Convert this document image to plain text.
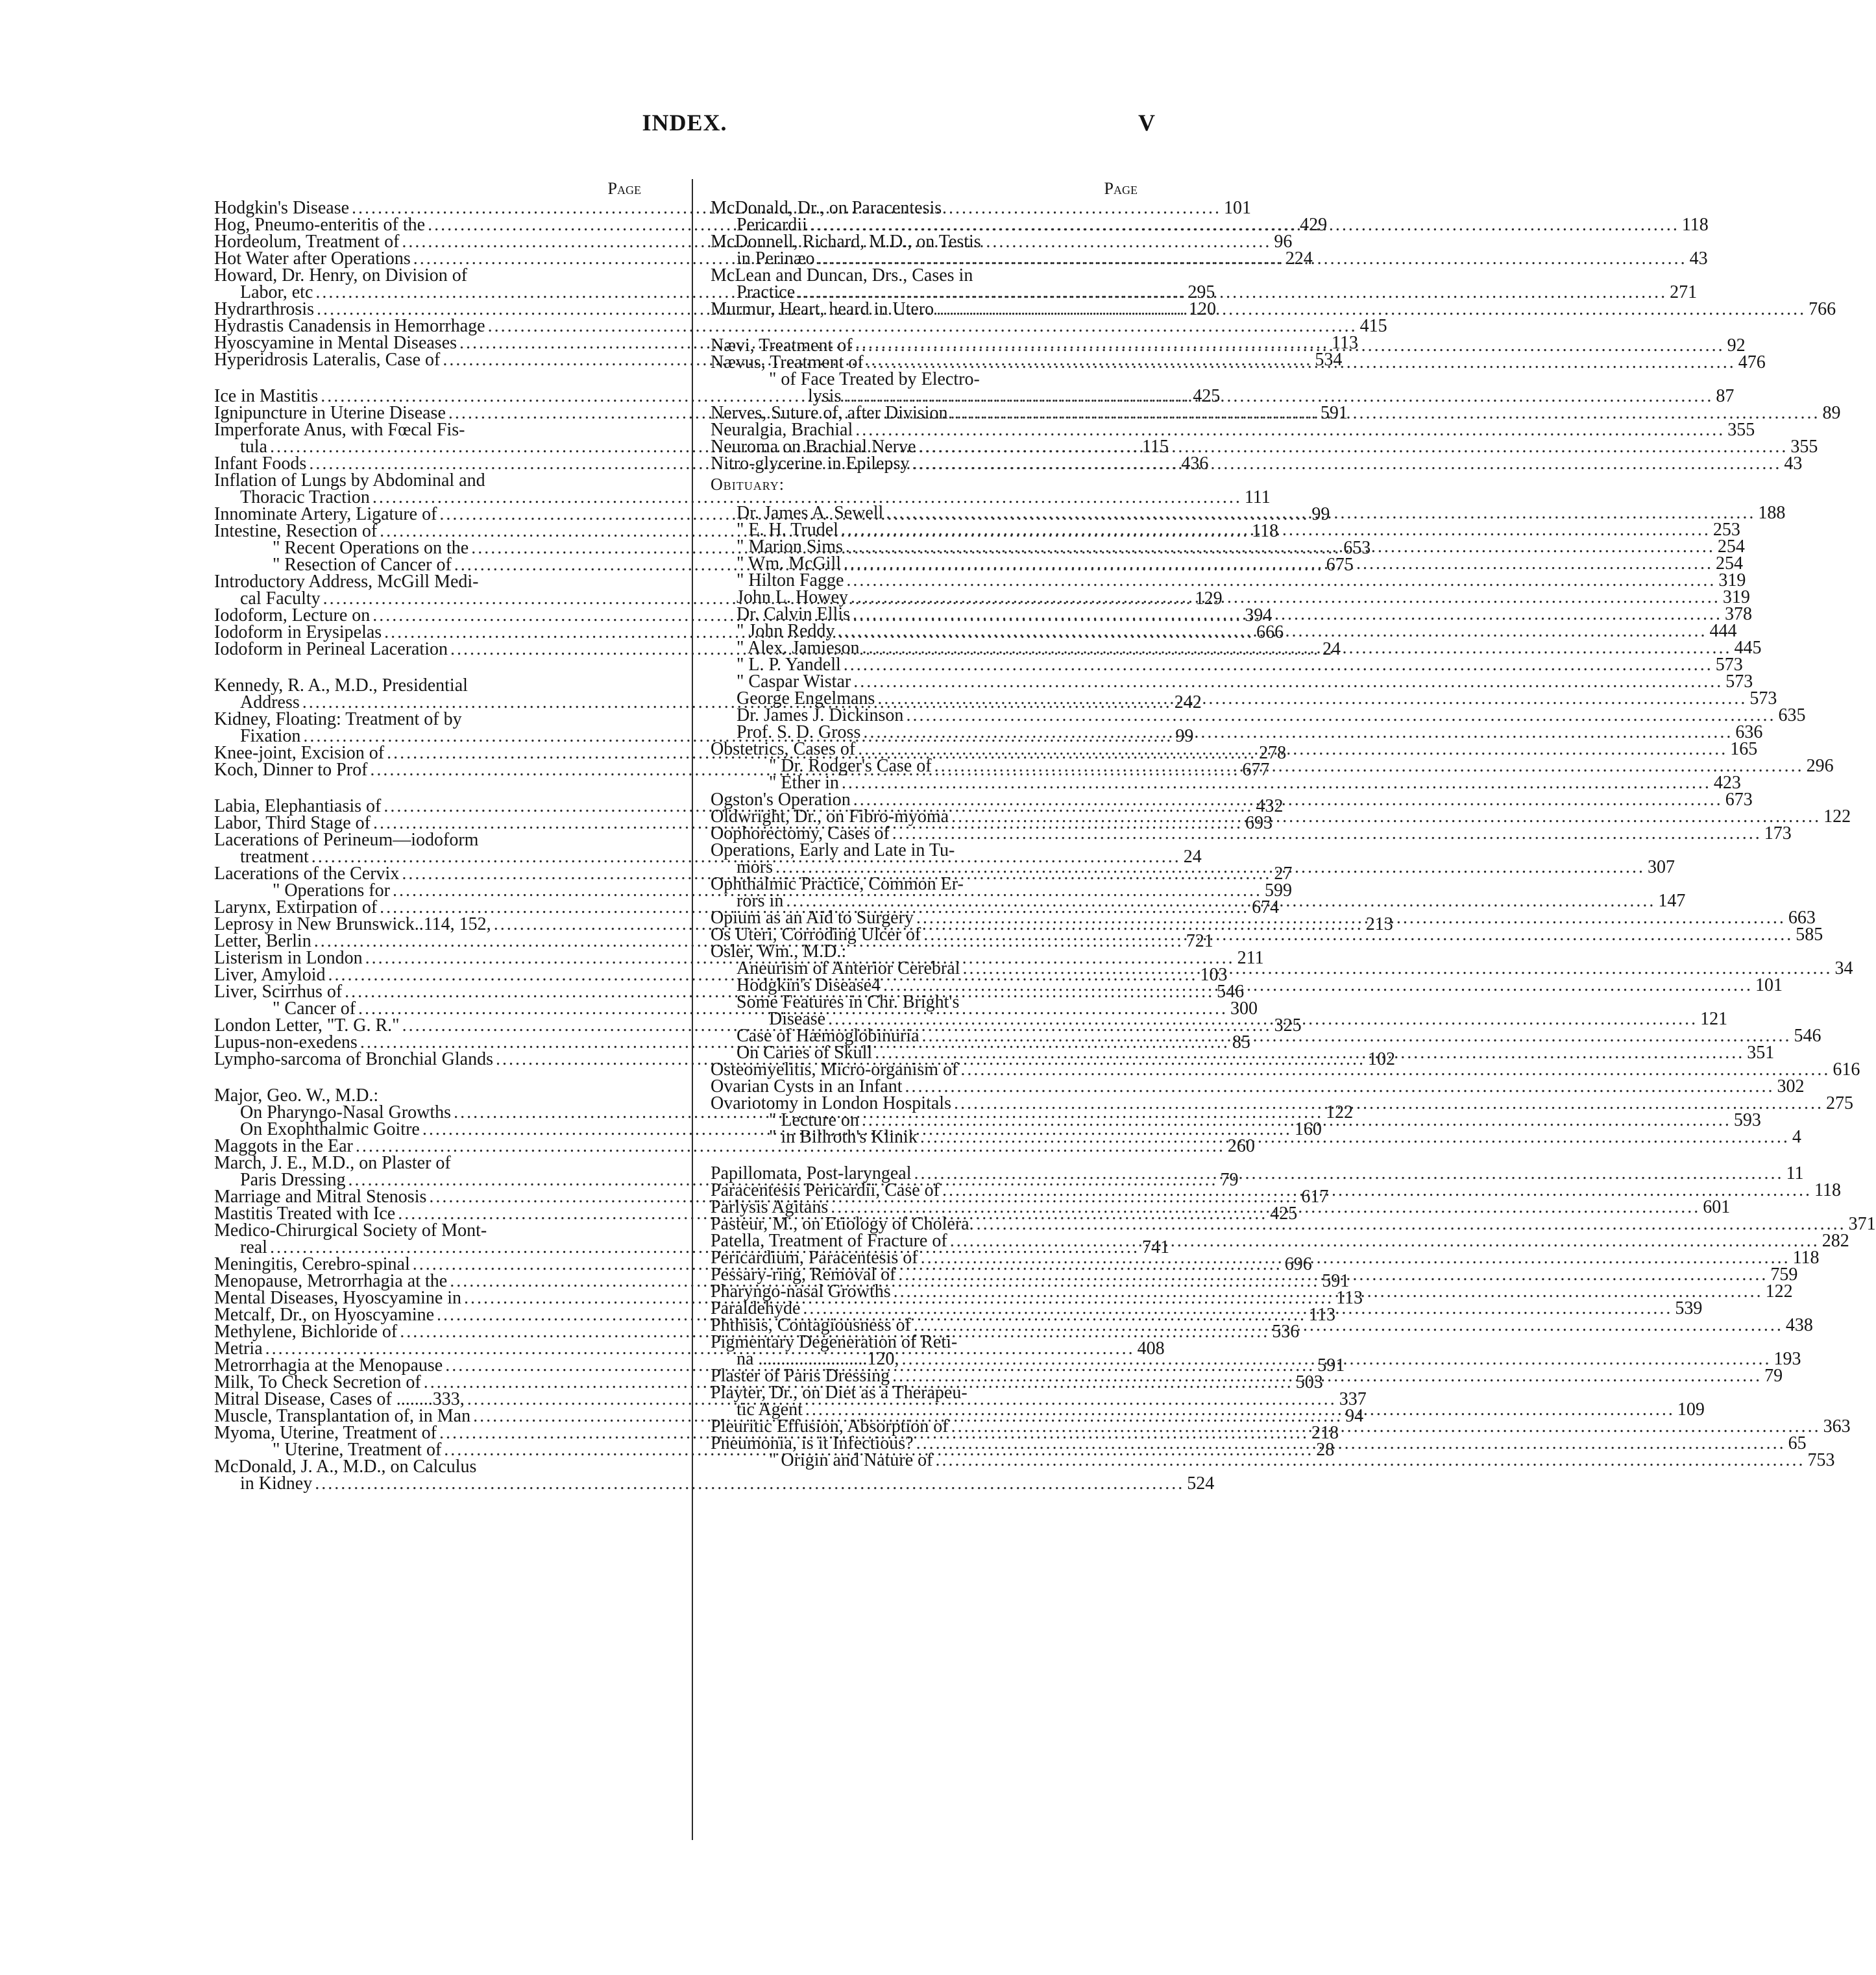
INDEX.	V
Page
Hodgkin's Disease .....	101
Hog, Pneumo-enteritis of the .....	429
Hordeolum, Treatment of .....	96
Hot Water after Operations .....	224
Howard, Dr. Henry, on Division of
Labor, etc .....	295
Hydrarthrosis .....	120
Hydrastis Canadensis in Hemorrhage .....	415
Hyoscyamine in Mental Diseases .....	113
Hyperidrosis Lateralis, Case of .....	534
Ice in Mastitis .....	425
Ignipuncture in Uterine Disease .....	591
Imperforate Anus, with Fœcal Fis-
tula .....	115
Infant Foods .....	436
Inflation of Lungs by Abdominal and
Thoracic Traction .....	111
Innominate Artery, Ligature of .....	99
Intestine, Resection of .....	118
" Recent Operations on the .....	653
" Resection of Cancer of .....	675
Introductory Address, McGill Medi-
cal Faculty .....	129
Iodoform, Lecture on .....	394
Iodoform in Erysipelas .....	666
Iodoform in Perineal Laceration .....	24
Kennedy, R. A., M.D., Presidential
Address .....	242
Kidney, Floating: Treatment of by
Fixation .....	99
Knee-joint, Excision of .....	278
Koch, Dinner to Prof .....	677
Labia, Elephantiasis of .....	432
Labor, Third Stage of .....	693
Lacerations of Perineum—iodoform
treatment .....	24
Lacerations of the Cervix .....	27
" Operations for .....	599
Larynx, Extirpation of .....	674
Leprosy in New Brunswick..114, 152, .....	213
Letter, Berlin .....	721
Listerism in London .....	211
Liver, Amyloid .....	103
Liver, Scirrhus of .....	546
" Cancer of .....	300
London Letter, "T. G. R." .....	325
Lupus-non-exedens .....	85
Lympho-sarcoma of Bronchial Glands .....	102
Major, Geo. W., M.D.:
On Pharyngo-Nasal Growths .....	122
On Exophthalmic Goitre .....	160
Maggots in the Ear .....	260
March, J. E., M.D., on Plaster of
Paris Dressing .....	79
Marriage and Mitral Stenosis .....	617
Mastitis Treated with Ice .....	425
Medico-Chirurgical Society of Mont-
real .....	741
Meningitis, Cerebro-spinal .....	696
Menopause, Metrorrhagia at the .....	591
Mental Diseases, Hyoscyamine in .....	113
Metcalf, Dr., on Hyoscyamine .....	113
Methylene, Bichloride of .....	536
Metria .....	408
Metrorrhagia at the Menopause .....	591
Milk, To Check Secretion of .....	503
Mitral Disease, Cases of ........333, .....	337
Muscle, Transplantation of, in Man .....	94
Myoma, Uterine, Treatment of .....	218
" Uterine, Treatment of .....	28
McDonald, J. A., M.D., on Calculus
in Kidney .....	524
Page
McDonald, Dr., on Paracentesis
Pericardii .....	118
McDonnell, Richard, M.D., on Testis
in Perinæo .....	43
McLean and Duncan, Drs., Cases in
Practice .....	271
Murmur, Heart, heard in Utero .....	766
Nævi, Treatment of .....	92
Nævus, Treatment of .....	476
" of Face Treated by Electro-
lysis .....	87
Nerves, Suture of, after Division .....	89
Neuralgia, Brachial .....	355
Neuroma on Brachial Nerve .....	355
Nitro-glycerine in Epilepsy .....	43
Obituary:
Dr. James A. Sewell .....	188
" E. H. Trudel .....	253
" Marion Sims .....	254
" Wm. McGill .....	254
" Hilton Fagge .....	319
John L. Howey .....	319
Dr. Calvin Ellis .....	378
" John Reddy .....	444
" Alex. Jamieson .....	445
" L. P. Yandell .....	573
" Caspar Wistar .....	573
George Engelmans .....	573
Dr. James J. Dickinson .....	635
Prof. S. D. Gross .....	636
Obstetrics, Cases of .....	165
" Dr. Rodger's Case of .....	296
" Ether in .....	423
Ogston's Operation .....	673
Oldwright, Dr., on Fibro-myoma .....	122
Oophorectomy, Cases of .....	173
Operations, Early and Late in Tu-
mors .....	307
Ophthalmic Practice, Common Er-
rors in .....	147
Opium as an Aid to Surgery .....	663
Os Uteri, Corroding Ulcer of .....	585
Osler, Wm., M.D.:
Aneurism of Anterior Cerebral .....	34
Hodgkin's Disease4 .....	101
Some Features in Chr. Bright's
Disease .....	121
Case of Hæmoglobinuria .....	546
On Caries of Skull .....	351
Osteomyelitis, Micro-organism of .....	616
Ovarian Cysts in an Infant .....	302
Ovariotomy in London Hospitals .....	275
" Lecture on .....	593
" in Billroth's Klinik .....	4
Papillomata, Post-laryngeal .....	11
Paracentesis Pericardii, Case of .....	118
Parlysis Agitans .....	601
Pasteur, M., on Etiology of Cholera. .....	371
Patella, Treatment of Fracture of .....	282
Pericardium, Paracentesis of .....	118
Pessary-ring, Removal of .....	759
Pharyngo-nasal Growths .....	122
Paraldehyde .....	539
Phthisis, Contagiousness of .....	438
Pigmentary Degeneration of Reti-
na ........................120, .....	193
Plaster of Paris Dressing .....	79
Playter, Dr., on Diet as a Therapeu-
tic Agent .....	109
Pleuritic Effusion, Absorption of .....	363
Pneumonia, is it Infectious? .....	65
" Origin and Nature of .....	753
